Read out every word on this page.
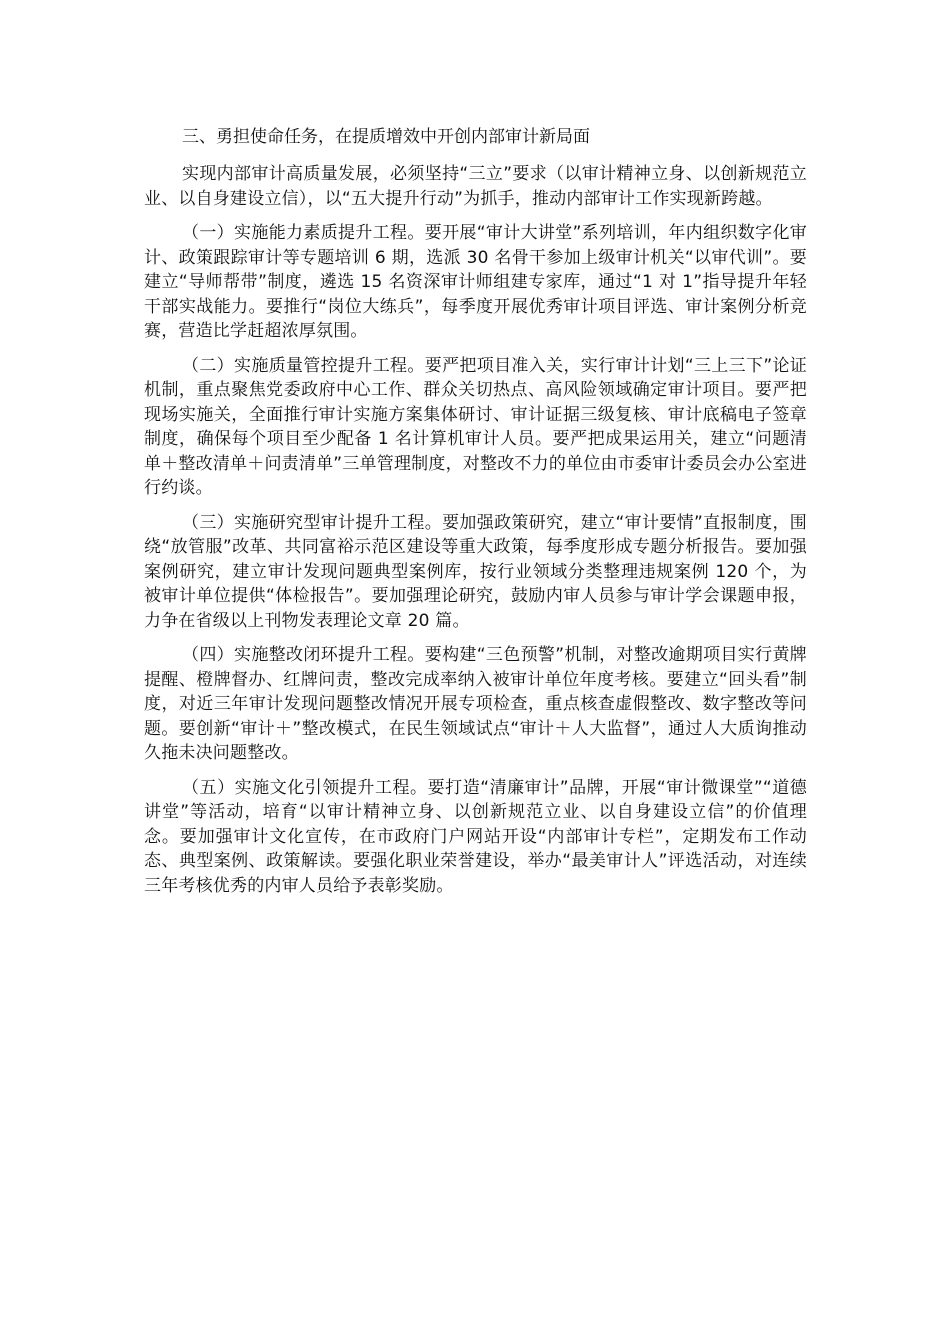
三、勇担使命任务，在提质增效中开创内部审计新局面

实现内部审计高质量发展，必须坚持“三立”要求（以审计精神立身、以创新规范立业、以自身建设立信），以“五大提升行动”为抓手，推动内部审计工作实现新跨越。

（一）实施能力素质提升工程。要开展“审计大讲堂”系列培训，年内组织数字化审计、政策跟踪审计等专题培训 6 期，选派 30 名骨干参加上级审计机关“以审代训”。要建立“导师帮带”制度，遴选 15 名资深审计师组建专家库，通过“1 对 1”指导提升年轻干部实战能力。要推行“岗位大练兵”，每季度开展优秀审计项目评选、审计案例分析竞赛，营造比学赶超浓厚氛围。

（二）实施质量管控提升工程。要严把项目准入关，实行审计计划“三上三下”论证机制，重点聚焦党委政府中心工作、群众关切热点、高风险领域确定审计项目。要严把现场实施关，全面推行审计实施方案集体研讨、审计证据三级复核、审计底稿电子签章制度，确保每个项目至少配备 1 名计算机审计人员。要严把成果运用关，建立“问题清单＋整改清单＋问责清单”三单管理制度，对整改不力的单位由市委审计委员会办公室进行约谈。

（三）实施研究型审计提升工程。要加强政策研究，建立“审计要情”直报制度，围绕“放管服”改革、共同富裕示范区建设等重大政策，每季度形成专题分析报告。要加强案例研究，建立审计发现问题典型案例库，按行业领域分类整理违规案例 120 个，为被审计单位提供“体检报告”。要加强理论研究，鼓励内审人员参与审计学会课题申报，力争在省级以上刊物发表理论文章 20 篇。

（四）实施整改闭环提升工程。要构建“三色预警”机制，对整改逾期项目实行黄牌提醒、橙牌督办、红牌问责，整改完成率纳入被审计单位年度考核。要建立“回头看”制度，对近三年审计发现问题整改情况开展专项检查，重点核查虚假整改、数字整改等问题。要创新“审计＋”整改模式，在民生领域试点“审计＋人大监督”，通过人大质询推动久拖未决问题整改。

（五）实施文化引领提升工程。要打造“清廉审计”品牌，开展“审计微课堂”“道德讲堂”等活动，培育“以审计精神立身、以创新规范立业、以自身建设立信”的价值理念。要加强审计文化宣传，在市政府门户网站开设“内部审计专栏”，定期发布工作动态、典型案例、政策解读。要强化职业荣誉建设，举办“最美审计人”评选活动，对连续三年考核优秀的内审人员给予表彰奖励。
